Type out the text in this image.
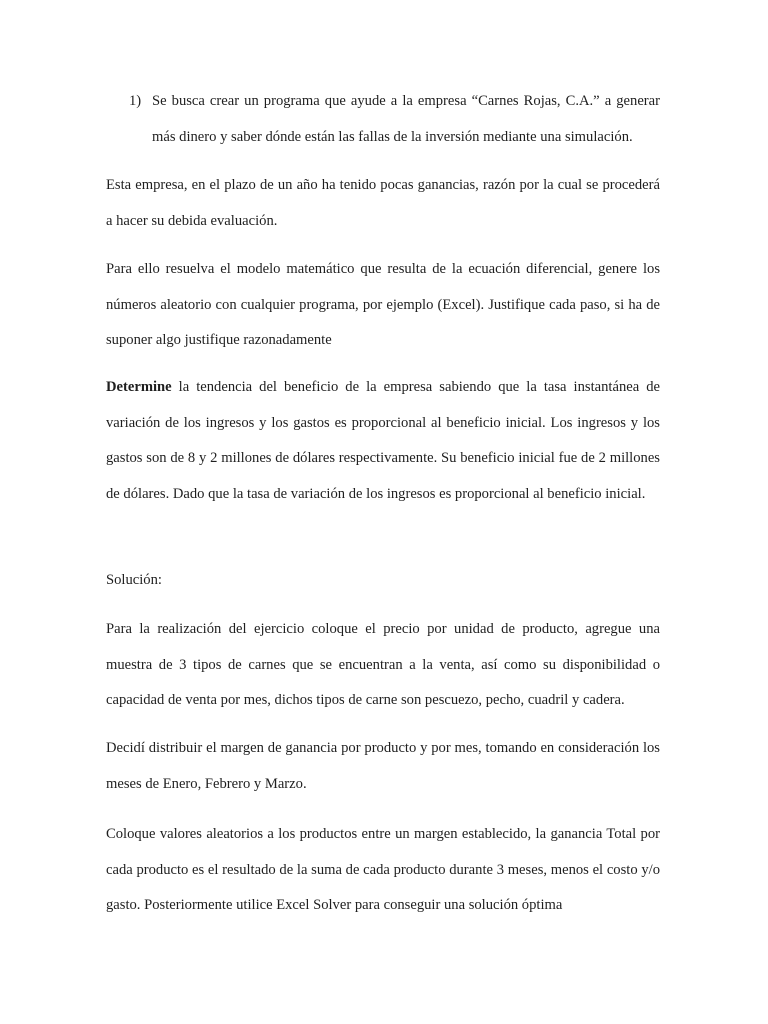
1) Se busca crear un programa que ayude a la empresa “Carnes Rojas, C.A.” a generar más dinero y saber dónde están las fallas de la inversión mediante una simulación.

Esta empresa, en el plazo de un año ha tenido pocas ganancias, razón por la cual se procederá a hacer su debida evaluación.

Para ello resuelva el modelo matemático que resulta de la ecuación diferencial, genere los números aleatorio con cualquier programa, por ejemplo (Excel). Justifique cada paso, si ha de suponer algo justifique razonadamente

Determine la tendencia del beneficio de la empresa sabiendo que la tasa instantánea de variación de los ingresos y los gastos es proporcional al beneficio inicial. Los ingresos y los gastos son de 8 y 2 millones de dólares respectivamente. Su beneficio inicial fue de 2 millones de dólares. Dado que la tasa de variación de los ingresos es proporcional al beneficio inicial.

Solución:

Para la realización del ejercicio coloque el precio por unidad de producto, agregue una muestra de 3 tipos de carnes que se encuentran a la venta, así como su disponibilidad o capacidad de venta por mes, dichos tipos de carne son pescuezo, pecho, cuadril y cadera.

Decidí distribuir el margen de ganancia por producto y por mes, tomando en consideración los meses de Enero, Febrero y Marzo.

Coloque valores aleatorios a los productos entre un margen establecido, la ganancia Total por cada producto es el resultado de la suma de cada producto durante 3 meses, menos el costo y/o gasto. Posteriormente utilice Excel Solver para conseguir una solución óptima
